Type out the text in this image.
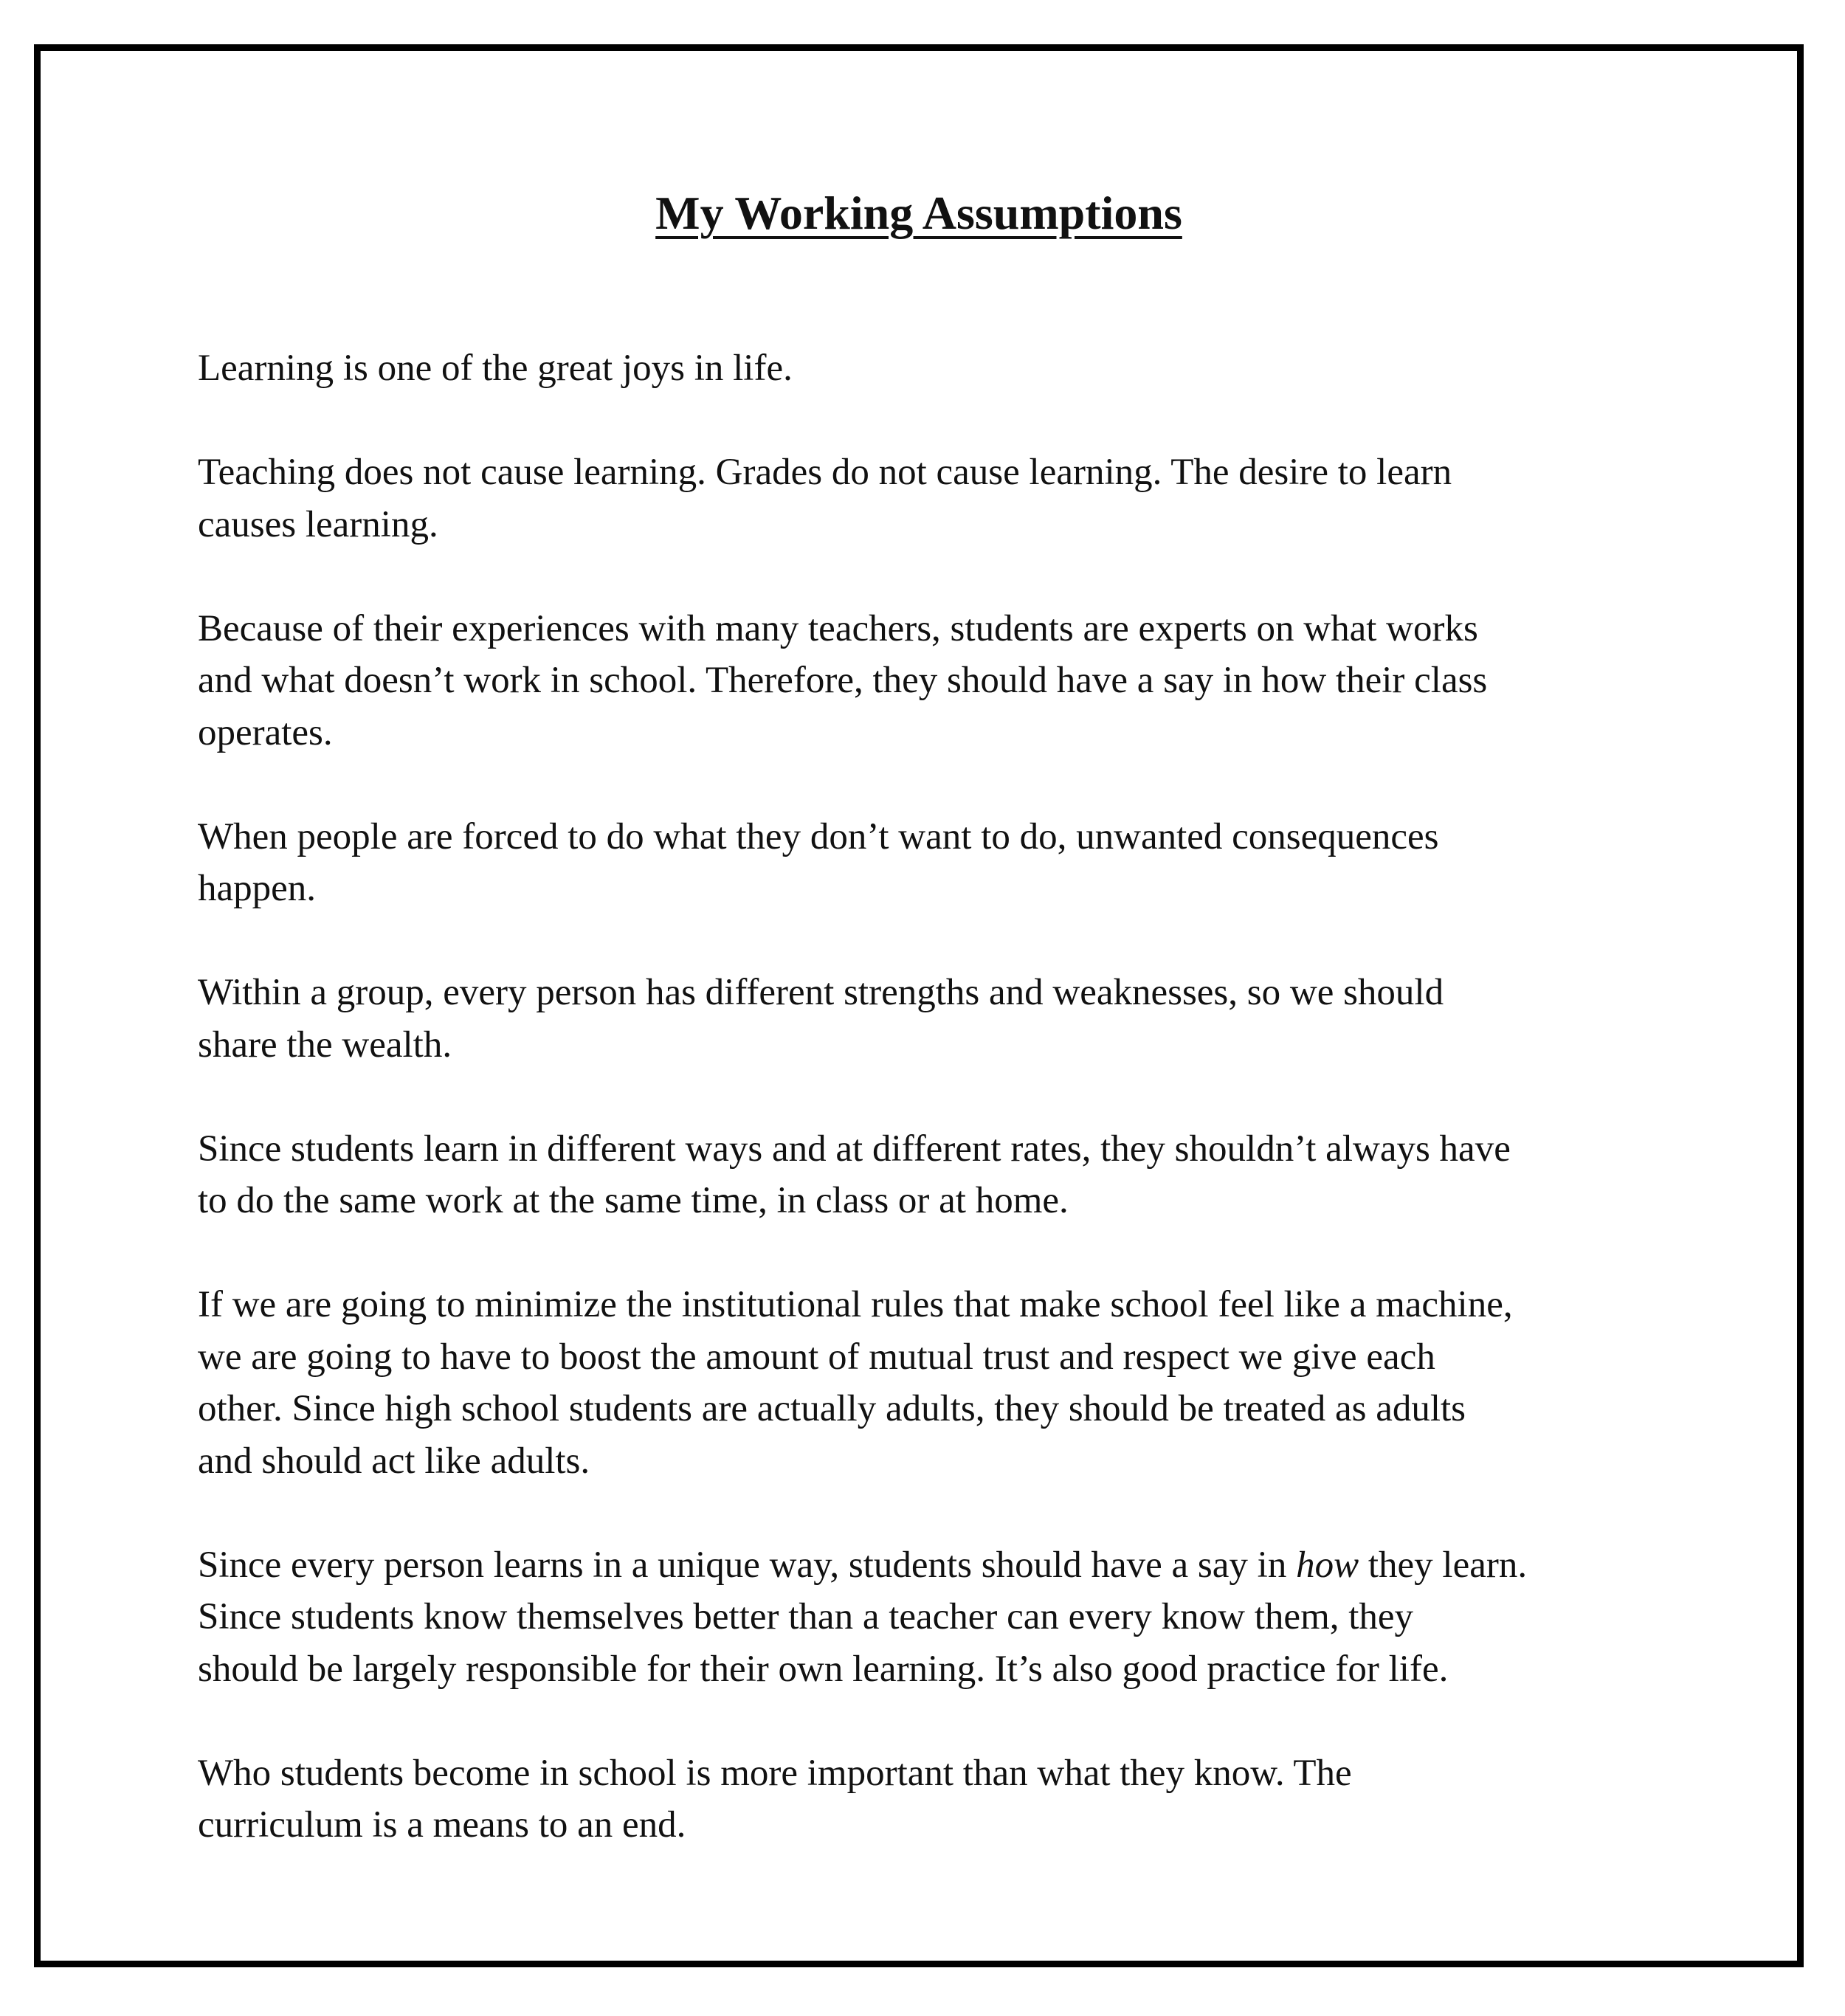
My Working Assumptions

Learning is one of the great joys in life.

Teaching does not cause learning. Grades do not cause learning. The desire to learn
causes learning.

Because of their experiences with many teachers, students are experts on what works
and what doesn’t work in school. Therefore, they should have a say in how their class
operates.

When people are forced to do what they don’t want to do, unwanted consequences
happen.

Within a group, every person has different strengths and weaknesses, so we should
share the wealth.

Since students learn in different ways and at different rates, they shouldn’t always have
to do the same work at the same time, in class or at home.

If we are going to minimize the institutional rules that make school feel like a machine,
we are going to have to boost the amount of mutual trust and respect we give each
other. Since high school students are actually adults, they should be treated as adults
and should act like adults.

Since every person learns in a unique way, students should have a say in how they learn.
Since students know themselves better than a teacher can every know them, they
should be largely responsible for their own learning. It’s also good practice for life.

Who students become in school is more important than what they know. The
curriculum is a means to an end.
